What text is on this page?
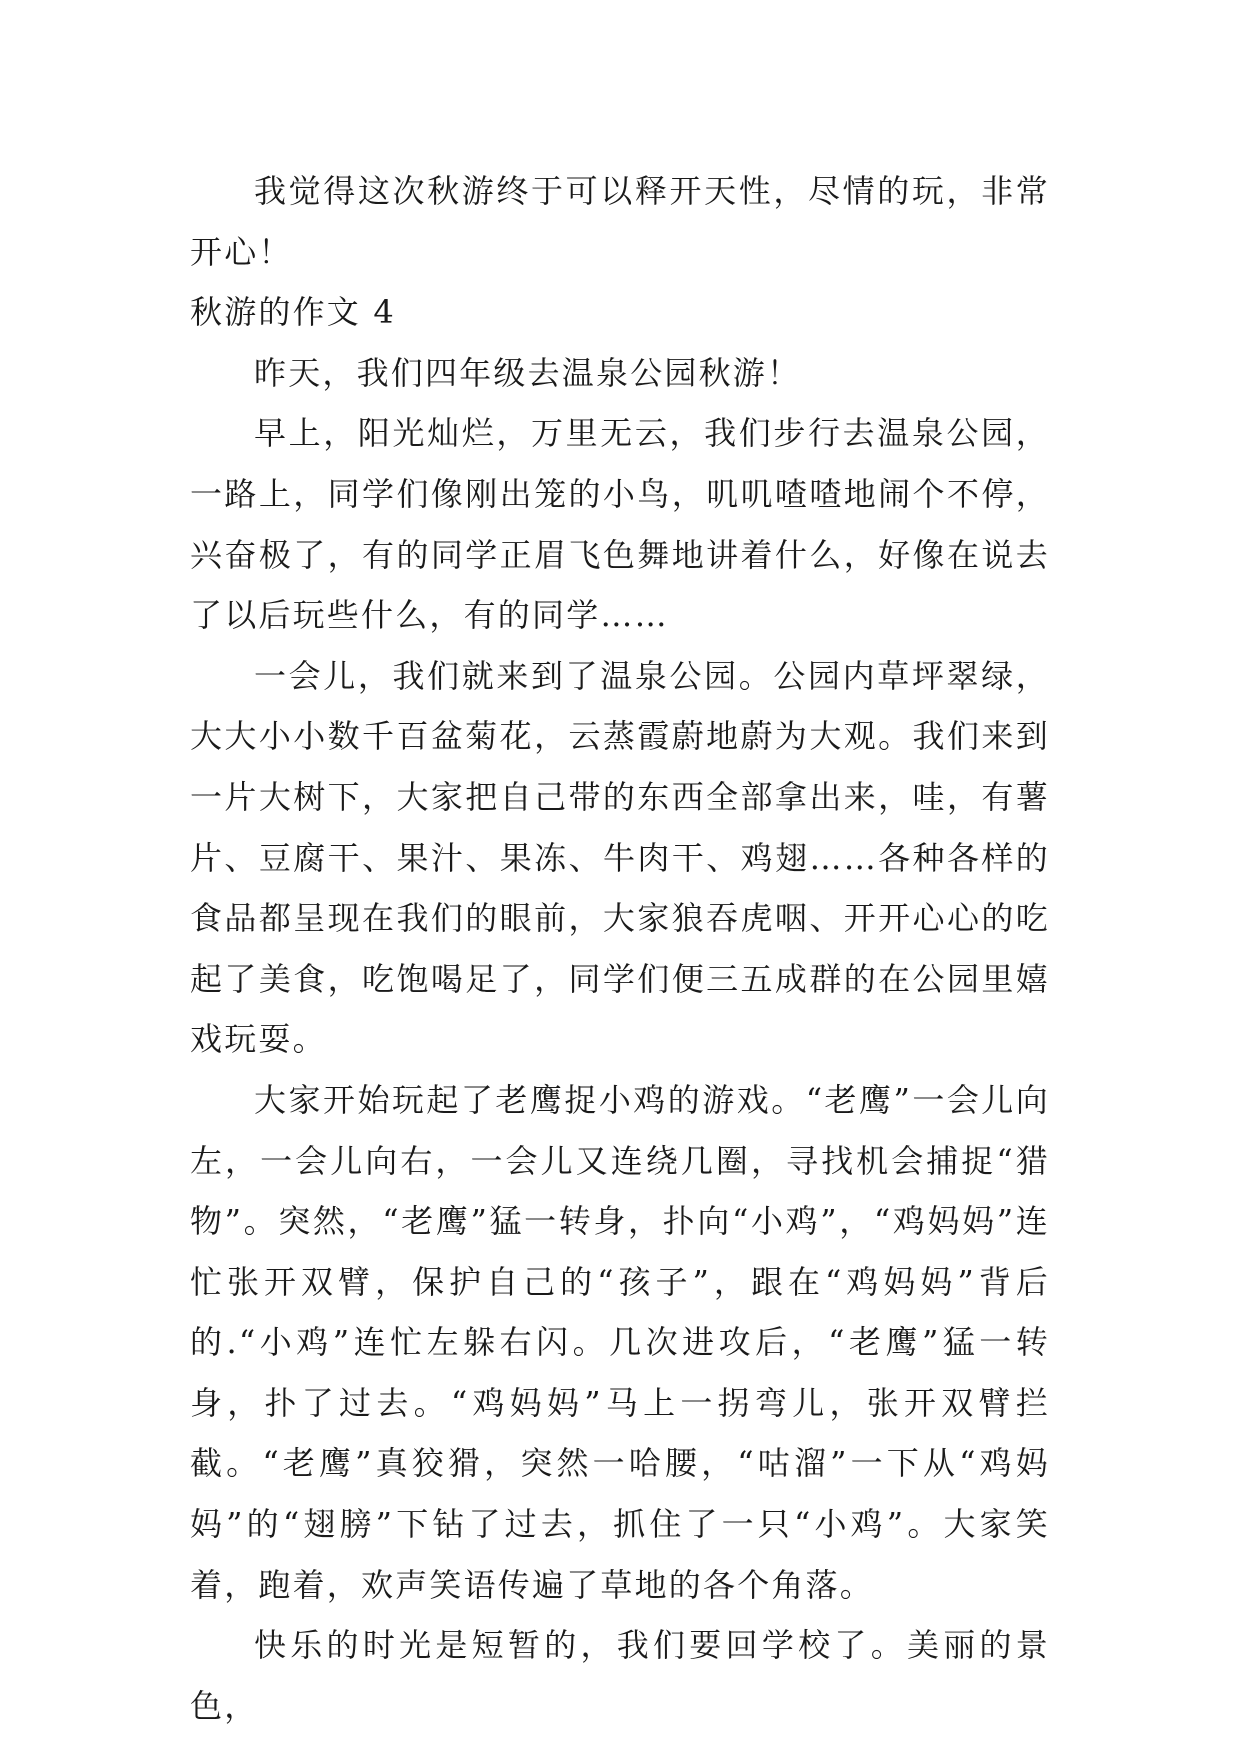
我觉得这次秋游终于可以释开天性，尽情的玩，非常开心！

秋游的作文 4

昨天，我们四年级去温泉公园秋游！

早上，阳光灿烂，万里无云，我们步行去温泉公园，一路上，同学们像刚出笼的小鸟，叽叽喳喳地闹个不停，兴奋极了，有的同学正眉飞色舞地讲着什么，好像在说去了以后玩些什么，有的同学……

一会儿，我们就来到了温泉公园。公园内草坪翠绿，大大小小数千百盆菊花，云蒸霞蔚地蔚为大观。我们来到一片大树下，大家把自己带的东西全部拿出来，哇，有薯片、豆腐干、果汁、果冻、牛肉干、鸡翅……各种各样的食品都呈现在我们的眼前，大家狼吞虎咽、开开心心的吃起了美食，吃饱喝足了，同学们便三五成群的在公园里嬉戏玩耍。

大家开始玩起了老鹰捉小鸡的游戏。“老鹰”一会儿向左，一会儿向右，一会儿又连绕几圈，寻找机会捕捉“猎物”。突然，“老鹰”猛一转身，扑向“小鸡”，“鸡妈妈”连忙张开双臂，保护自己的“孩子”，跟在“鸡妈妈”背后的.“小鸡”连忙左躲右闪。几次进攻后，“老鹰”猛一转身，扑了过去。“鸡妈妈”马上一拐弯儿，张开双臂拦截。“老鹰”真狡猾，突然一哈腰，“咕溜”一下从“鸡妈妈”的“翅膀”下钻了过去，抓住了一只“小鸡”。大家笑着，跑着，欢声笑语传遍了草地的各个角落。

快乐的时光是短暂的，我们要回学校了。美丽的景色，
